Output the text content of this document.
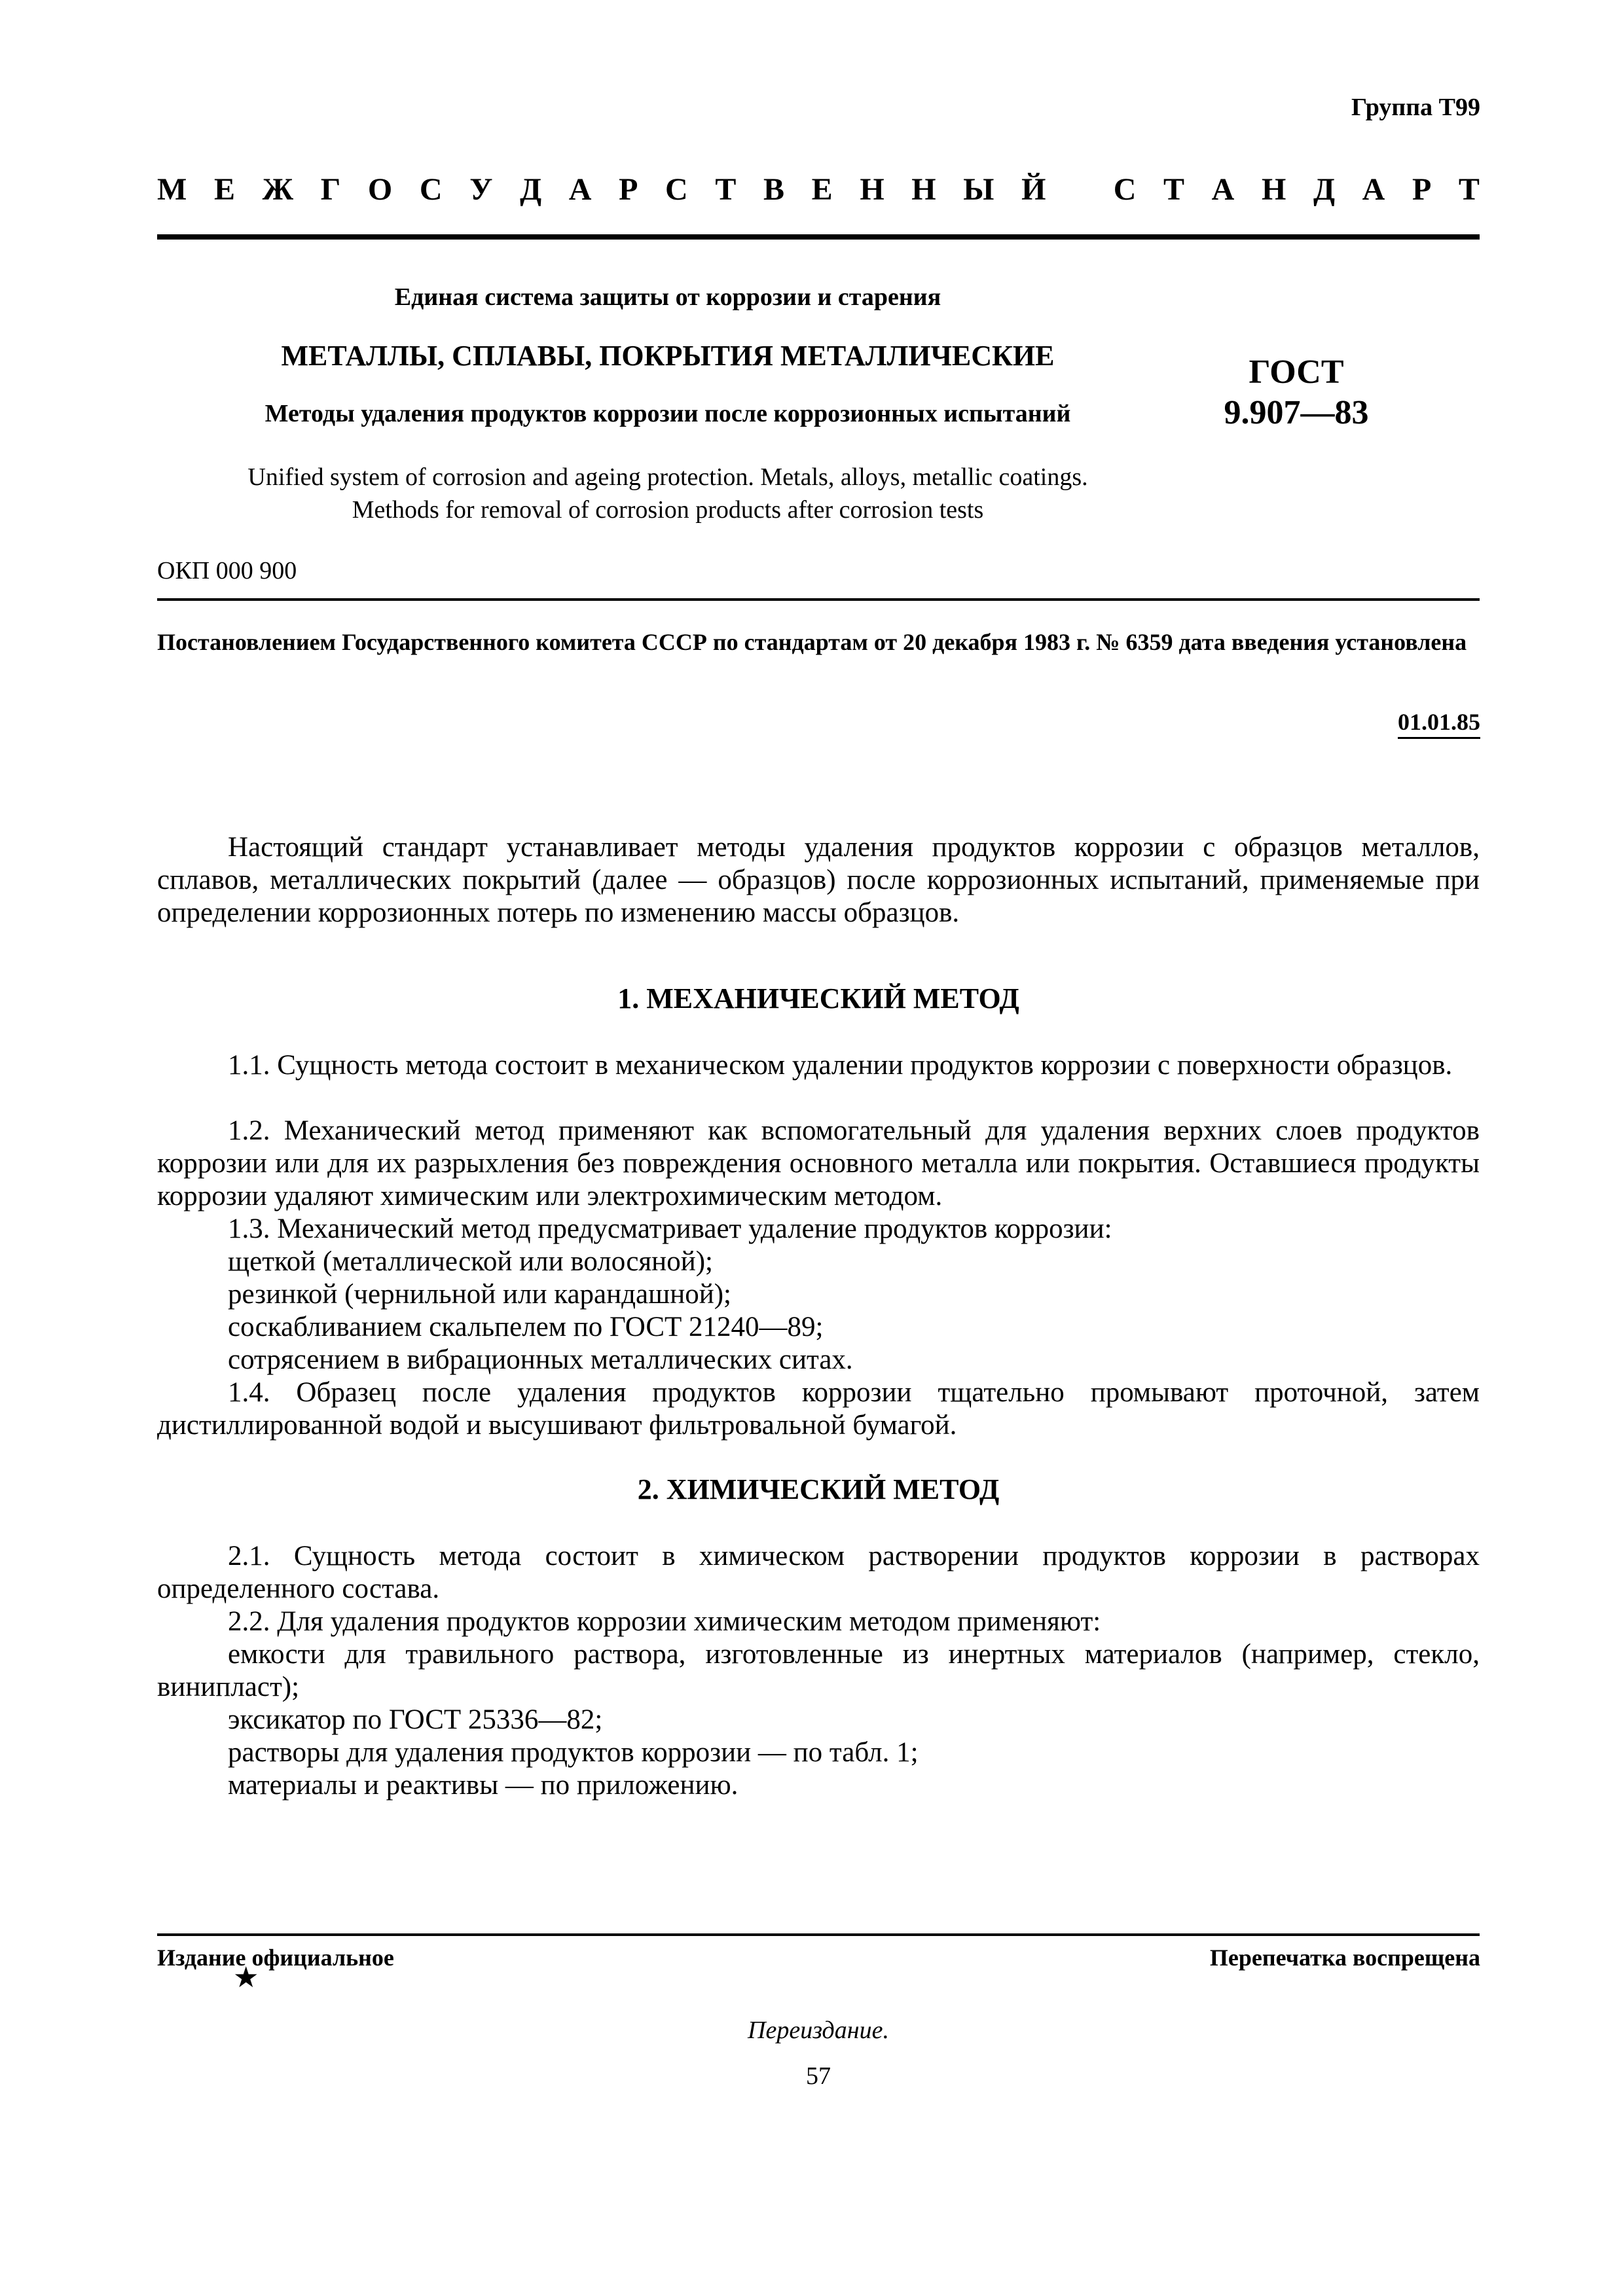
Группа Т99
М Е Ж Г О С У Д А Р С Т В Е Н Н Ы Й С Т А Н Д А Р Т
Единая система защиты от коррозии и старения
МЕТАЛЛЫ, СПЛАВЫ, ПОКРЫТИЯ МЕТАЛЛИЧЕСКИЕ
Методы удаления продуктов коррозии после коррозионных испытаний
ГОСТ
9.907—83
Unified system of corrosion and ageing protection. Metals, alloys, metallic coatings.
Methods for removal of corrosion products after corrosion tests
ОКП 000 900
Постановлением Государственного комитета СССР по стандартам от 20 декабря 1983 г. № 6359 дата введения установлена
01.01.85
Настоящий стандарт устанавливает методы удаления продуктов коррозии с образцов металлов, сплавов, металлических покрытий (далее — образцов) после коррозионных испытаний, применяемые при определении коррозионных потерь по изменению массы образцов.
1. МЕХАНИЧЕСКИЙ МЕТОД
1.1. Сущность метода состоит в механическом удалении продуктов коррозии с поверхности образцов.
1.2. Механический метод применяют как вспомогательный для удаления верхних слоев продуктов коррозии или для их разрыхления без повреждения основного металла или покрытия. Оставшиеся продукты коррозии удаляют химическим или электрохимическим методом.
1.3. Механический метод предусматривает удаление продуктов коррозии:
щеткой (металлической или волосяной);
резинкой (чернильной или карандашной);
соскабливанием скальпелем по ГОСТ 21240—89;
сотрясением в вибрационных металлических ситах.
1.4. Образец после удаления продуктов коррозии тщательно промывают проточной, затем дистиллированной водой и высушивают фильтровальной бумагой.
2. ХИМИЧЕСКИЙ МЕТОД
2.1. Сущность метода состоит в химическом растворении продуктов коррозии в растворах определенного состава.
2.2. Для удаления продуктов коррозии химическим методом применяют:
емкости для травильного раствора, изготовленные из инертных материалов (например, стекло, винипласт);
эксикатор по ГОСТ 25336—82;
растворы для удаления продуктов коррозии — по табл. 1;
материалы и реактивы — по приложению.
Издание официальное	Перепечатка воспрещена
★
Переиздание.
57
